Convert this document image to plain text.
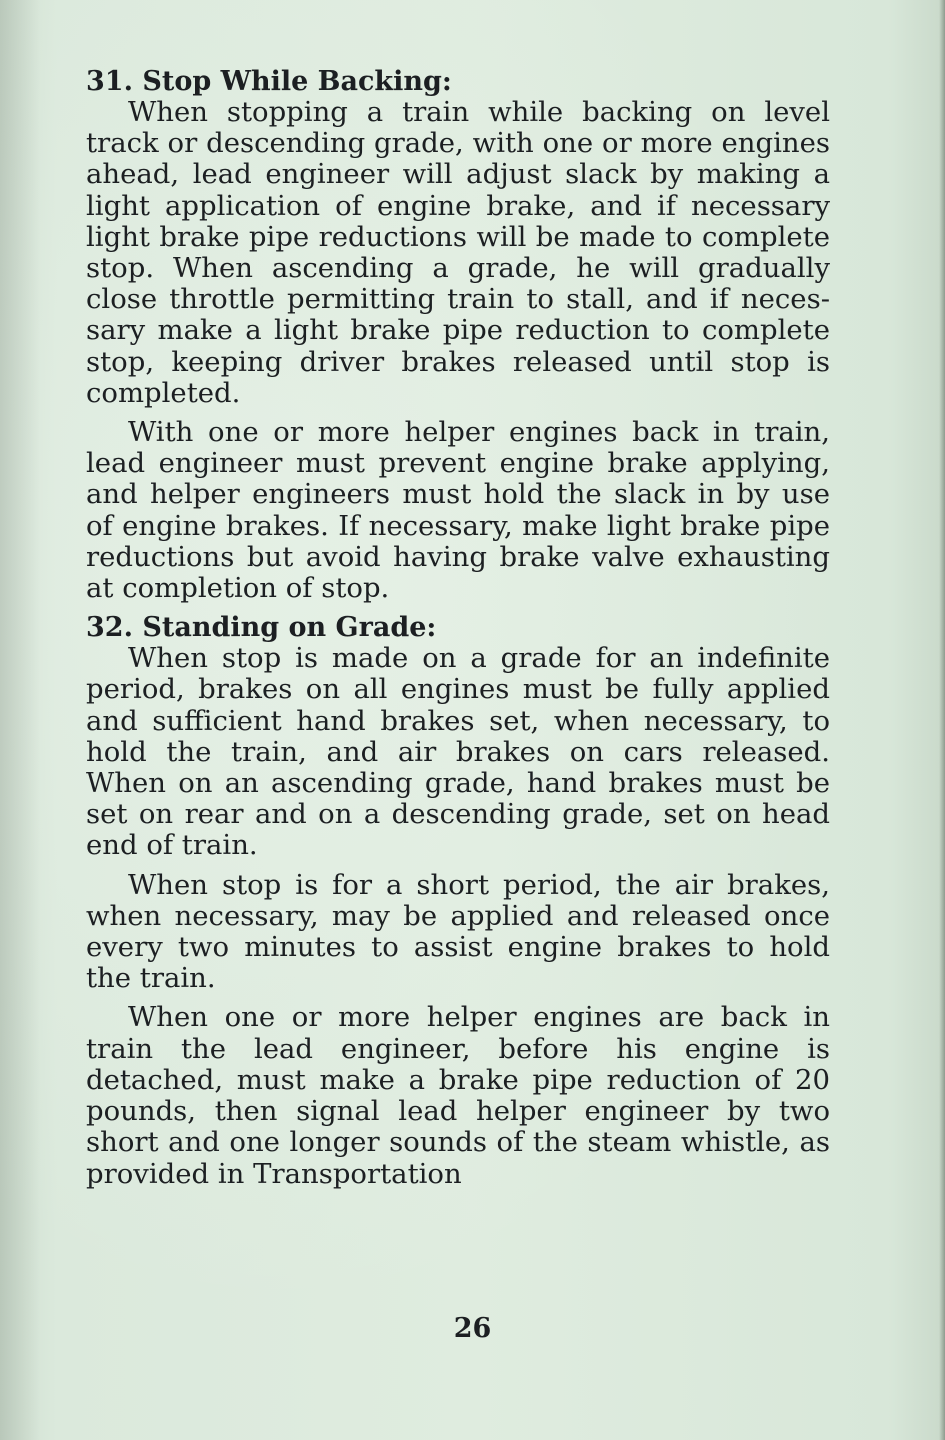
31. Stop While Backing:

When stopping a train while backing on level track or descending grade, with one or more engines ahead, lead engineer will adjust slack by making a light application of engine brake, and if necessary light brake pipe reductions will be made to complete stop. When ascending a grade, he will gradually close throttle permitting train to stall, and if necessary make a light brake pipe reduction to complete stop, keeping driver brakes released until stop is completed.

With one or more helper engines back in train, lead engineer must prevent engine brake applying, and helper engineers must hold the slack in by use of engine brakes. If necessary, make light brake pipe reductions but avoid having brake valve exhausting at completion of stop.

32. Standing on Grade:

When stop is made on a grade for an indefinite period, brakes on all engines must be fully applied and sufficient hand brakes set, when necessary, to hold the train, and air brakes on cars released. When on an ascending grade, hand brakes must be set on rear and on a descending grade, set on head end of train.

When stop is for a short period, the air brakes, when necessary, may be applied and released once every two minutes to assist engine brakes to hold the train.

When one or more helper engines are back in train the lead engineer, before his engine is detached, must make a brake pipe reduction of 20 pounds, then signal lead helper engineer by two short and one longer sounds of the steam whistle, as provided in Transportation

26
